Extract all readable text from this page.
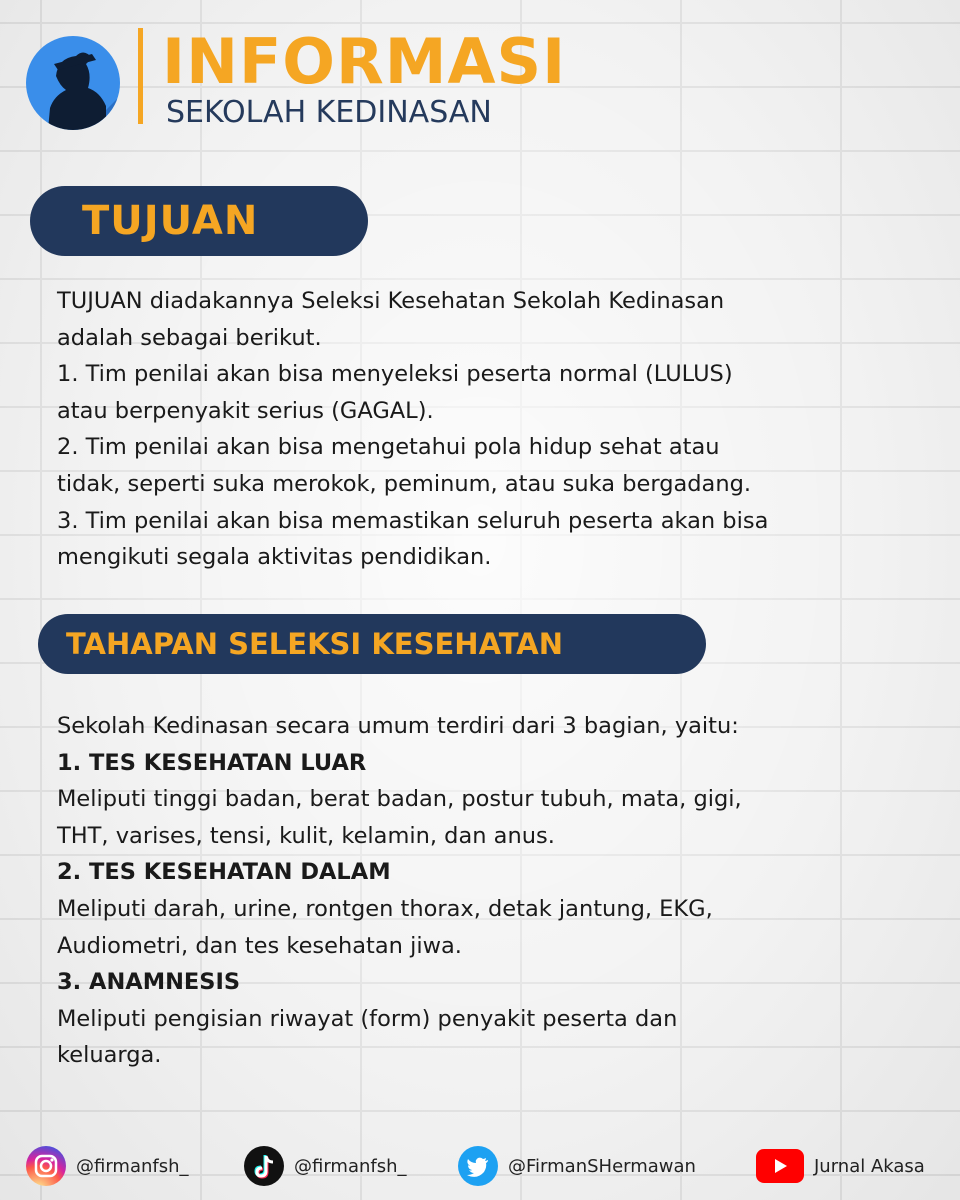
INFORMASI
SEKOLAH KEDINASAN
TUJUAN

TUJUAN diadakannya Seleksi Kesehatan Sekolah Kedinasan

adalah sebagai berikut.

1. Tim penilai akan bisa menyeleksi peserta normal (LULUS)

atau berpenyakit serius (GAGAL).

2. Tim penilai akan bisa mengetahui pola hidup sehat atau

tidak, seperti suka merokok, peminum, atau suka bergadang.

3. Tim penilai akan bisa memastikan seluruh peserta akan bisa

mengikuti segala aktivitas pendidikan.

TAHAPAN SELEKSI KESEHATAN

Sekolah Kedinasan secara umum terdiri dari 3 bagian, yaitu:

1. TES KESEHATAN LUAR

Meliputi tinggi badan, berat badan, postur tubuh, mata, gigi,

THT, varises, tensi, kulit, kelamin, dan anus.

2. TES KESEHATAN DALAM

Meliputi darah, urine, rontgen thorax, detak jantung, EKG,

Audiometri, dan tes kesehatan jiwa.

3. ANAMNESIS

Meliputi pengisian riwayat (form) penyakit peserta dan

keluarga.

@firmanfsh_	@firmanfsh_	@FirmanSHermawan	Jurnal Akasa
